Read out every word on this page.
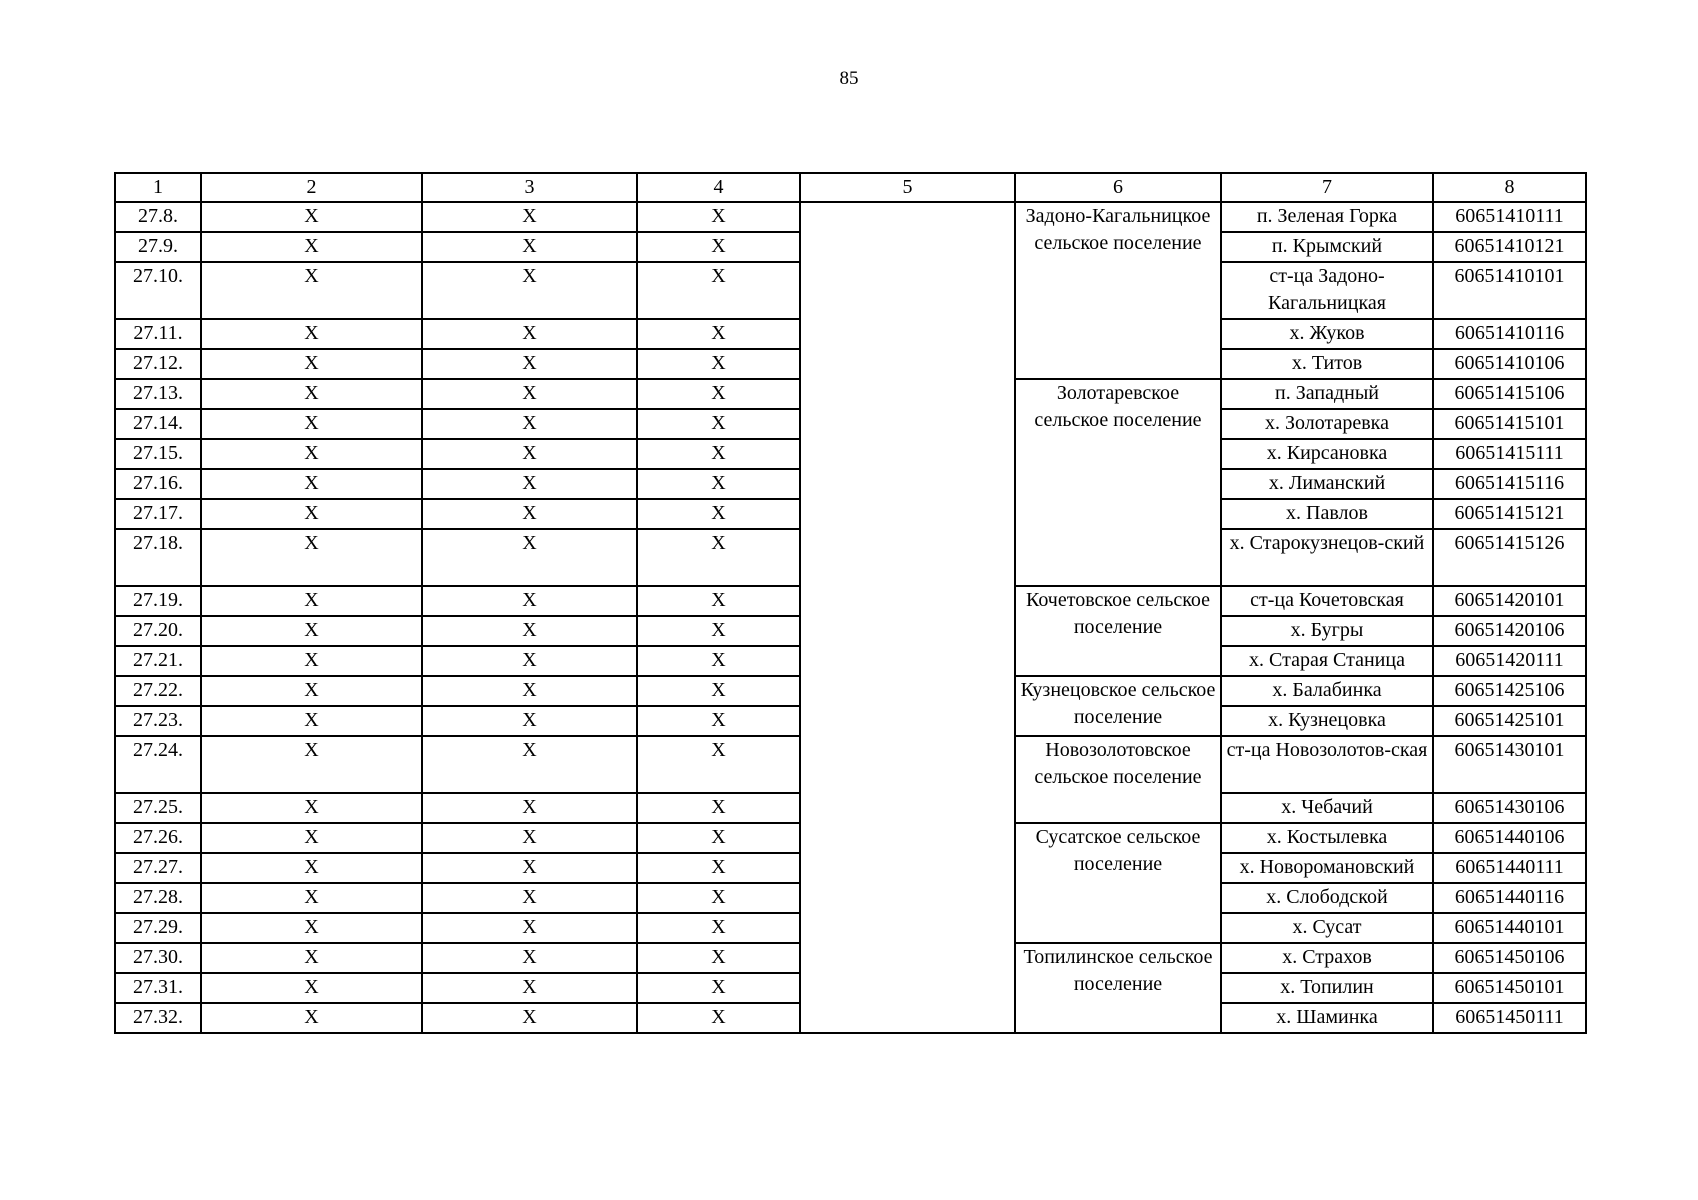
85
1	2	3	4	5	6	7	8
27.8.	X	X	X		Задоно-Кагальницкое сельское поселение	п. Зеленая Горка	60651410111
27.9.	X	X	X			п. Крымский	60651410121
27.10.	X	X	X			ст-ца Задоно-Кагальницкая	60651410101
27.11.	X	X	X			х. Жуков	60651410116
27.12.	X	X	X			х. Титов	60651410106
27.13.	X	X	X		Золотаревское сельское поселение	п. Западный	60651415106
27.14.	X	X	X			х. Золотаревка	60651415101
27.15.	X	X	X			х. Кирсановка	60651415111
27.16.	X	X	X			х. Лиманский	60651415116
27.17.	X	X	X			х. Павлов	60651415121
27.18.	X	X	X			х. Старокузнецов-ский	60651415126
27.19.	X	X	X		Кочетовское сельское поселение	ст-ца Кочетовская	60651420101
27.20.	X	X	X			х. Бугры	60651420106
27.21.	X	X	X			х. Старая Станица	60651420111
27.22.	X	X	X		Кузнецовское сельское поселение	х. Балабинка	60651425106
27.23.	X	X	X			х. Кузнецовка	60651425101
27.24.	X	X	X		Новозолотовское сельское поселение	ст-ца Новозолотов-ская	60651430101
27.25.	X	X	X			х. Чебачий	60651430106
27.26.	X	X	X		Сусатское сельское поселение	х. Костылевка	60651440106
27.27.	X	X	X			х. Новоромановский	60651440111
27.28.	X	X	X			х. Слободской	60651440116
27.29.	X	X	X			х. Сусат	60651440101
27.30.	X	X	X		Топилинское сельское поселение	х. Страхов	60651450106
27.31.	X	X	X			х. Топилин	60651450101
27.32.	X	X	X			х. Шаминка	60651450111
